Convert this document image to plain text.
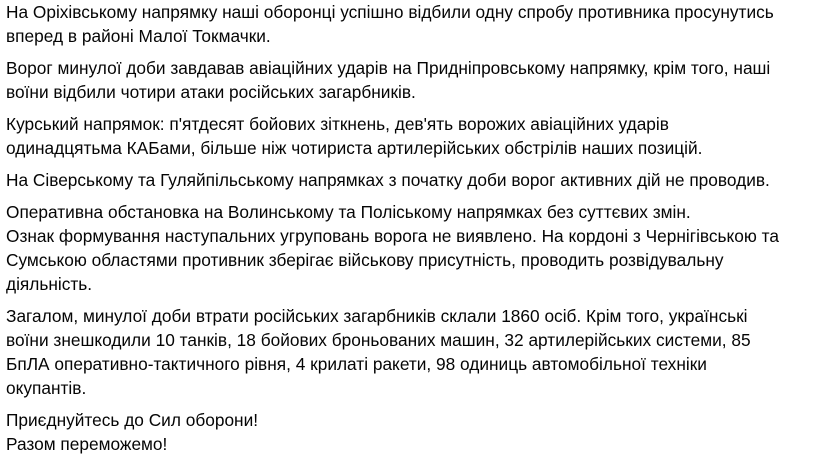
На Оріхівському напрямку наші оборонці успішно відбили одну спробу противника просунутись
вперед в районі Малої Токмачки.

Ворог минулої доби завдавав авіаційних ударів на Придніпровському напрямку, крім того, наші
воїни відбили чотири атаки російських загарбників.

Курський напрямок: п'ятдесят бойових зіткнень, дев'ять ворожих авіаційних ударів
одинадцятьма КАБами, більше ніж чотириста артилерійських обстрілів наших позицій.

На Сіверському та Гуляйпільському напрямках з початку доби ворог активних дій не проводив.

Оперативна обстановка на Волинському та Поліському напрямках без суттєвих змін.
Ознак формування наступальних угруповань ворога не виявлено. На кордоні з Чернігівською та
Сумською областями противник зберігає військову присутність, проводить розвідувальну
діяльність.

Загалом, минулої доби втрати російських загарбників склали 1860 осіб. Крім того, українські
воїни знешкодили 10 танків, 18 бойових броньованих машин, 32 артилерійських системи, 85
БпЛА оперативно-тактичного рівня, 4 крилаті ракети, 98 одиниць автомобільної техніки
окупантів.

Приєднуйтесь до Сил оборони!
Разом переможемо!
